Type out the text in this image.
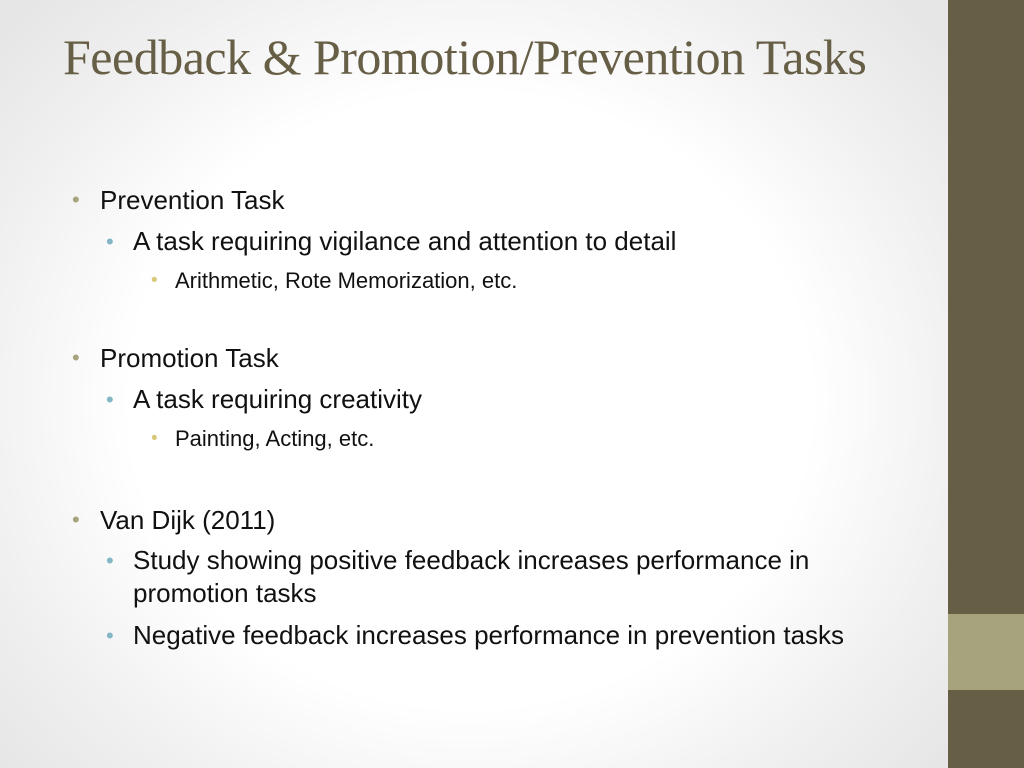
Feedback & Promotion/Prevention Tasks
• Prevention Task
• A task requiring vigilance and attention to detail
• Arithmetic, Rote Memorization, etc.
• Promotion Task
• A task requiring creativity
• Painting, Acting, etc.
• Van Dijk (2011)
• Study showing positive feedback increases performance in promotion tasks
• Negative feedback increases performance in prevention tasks
